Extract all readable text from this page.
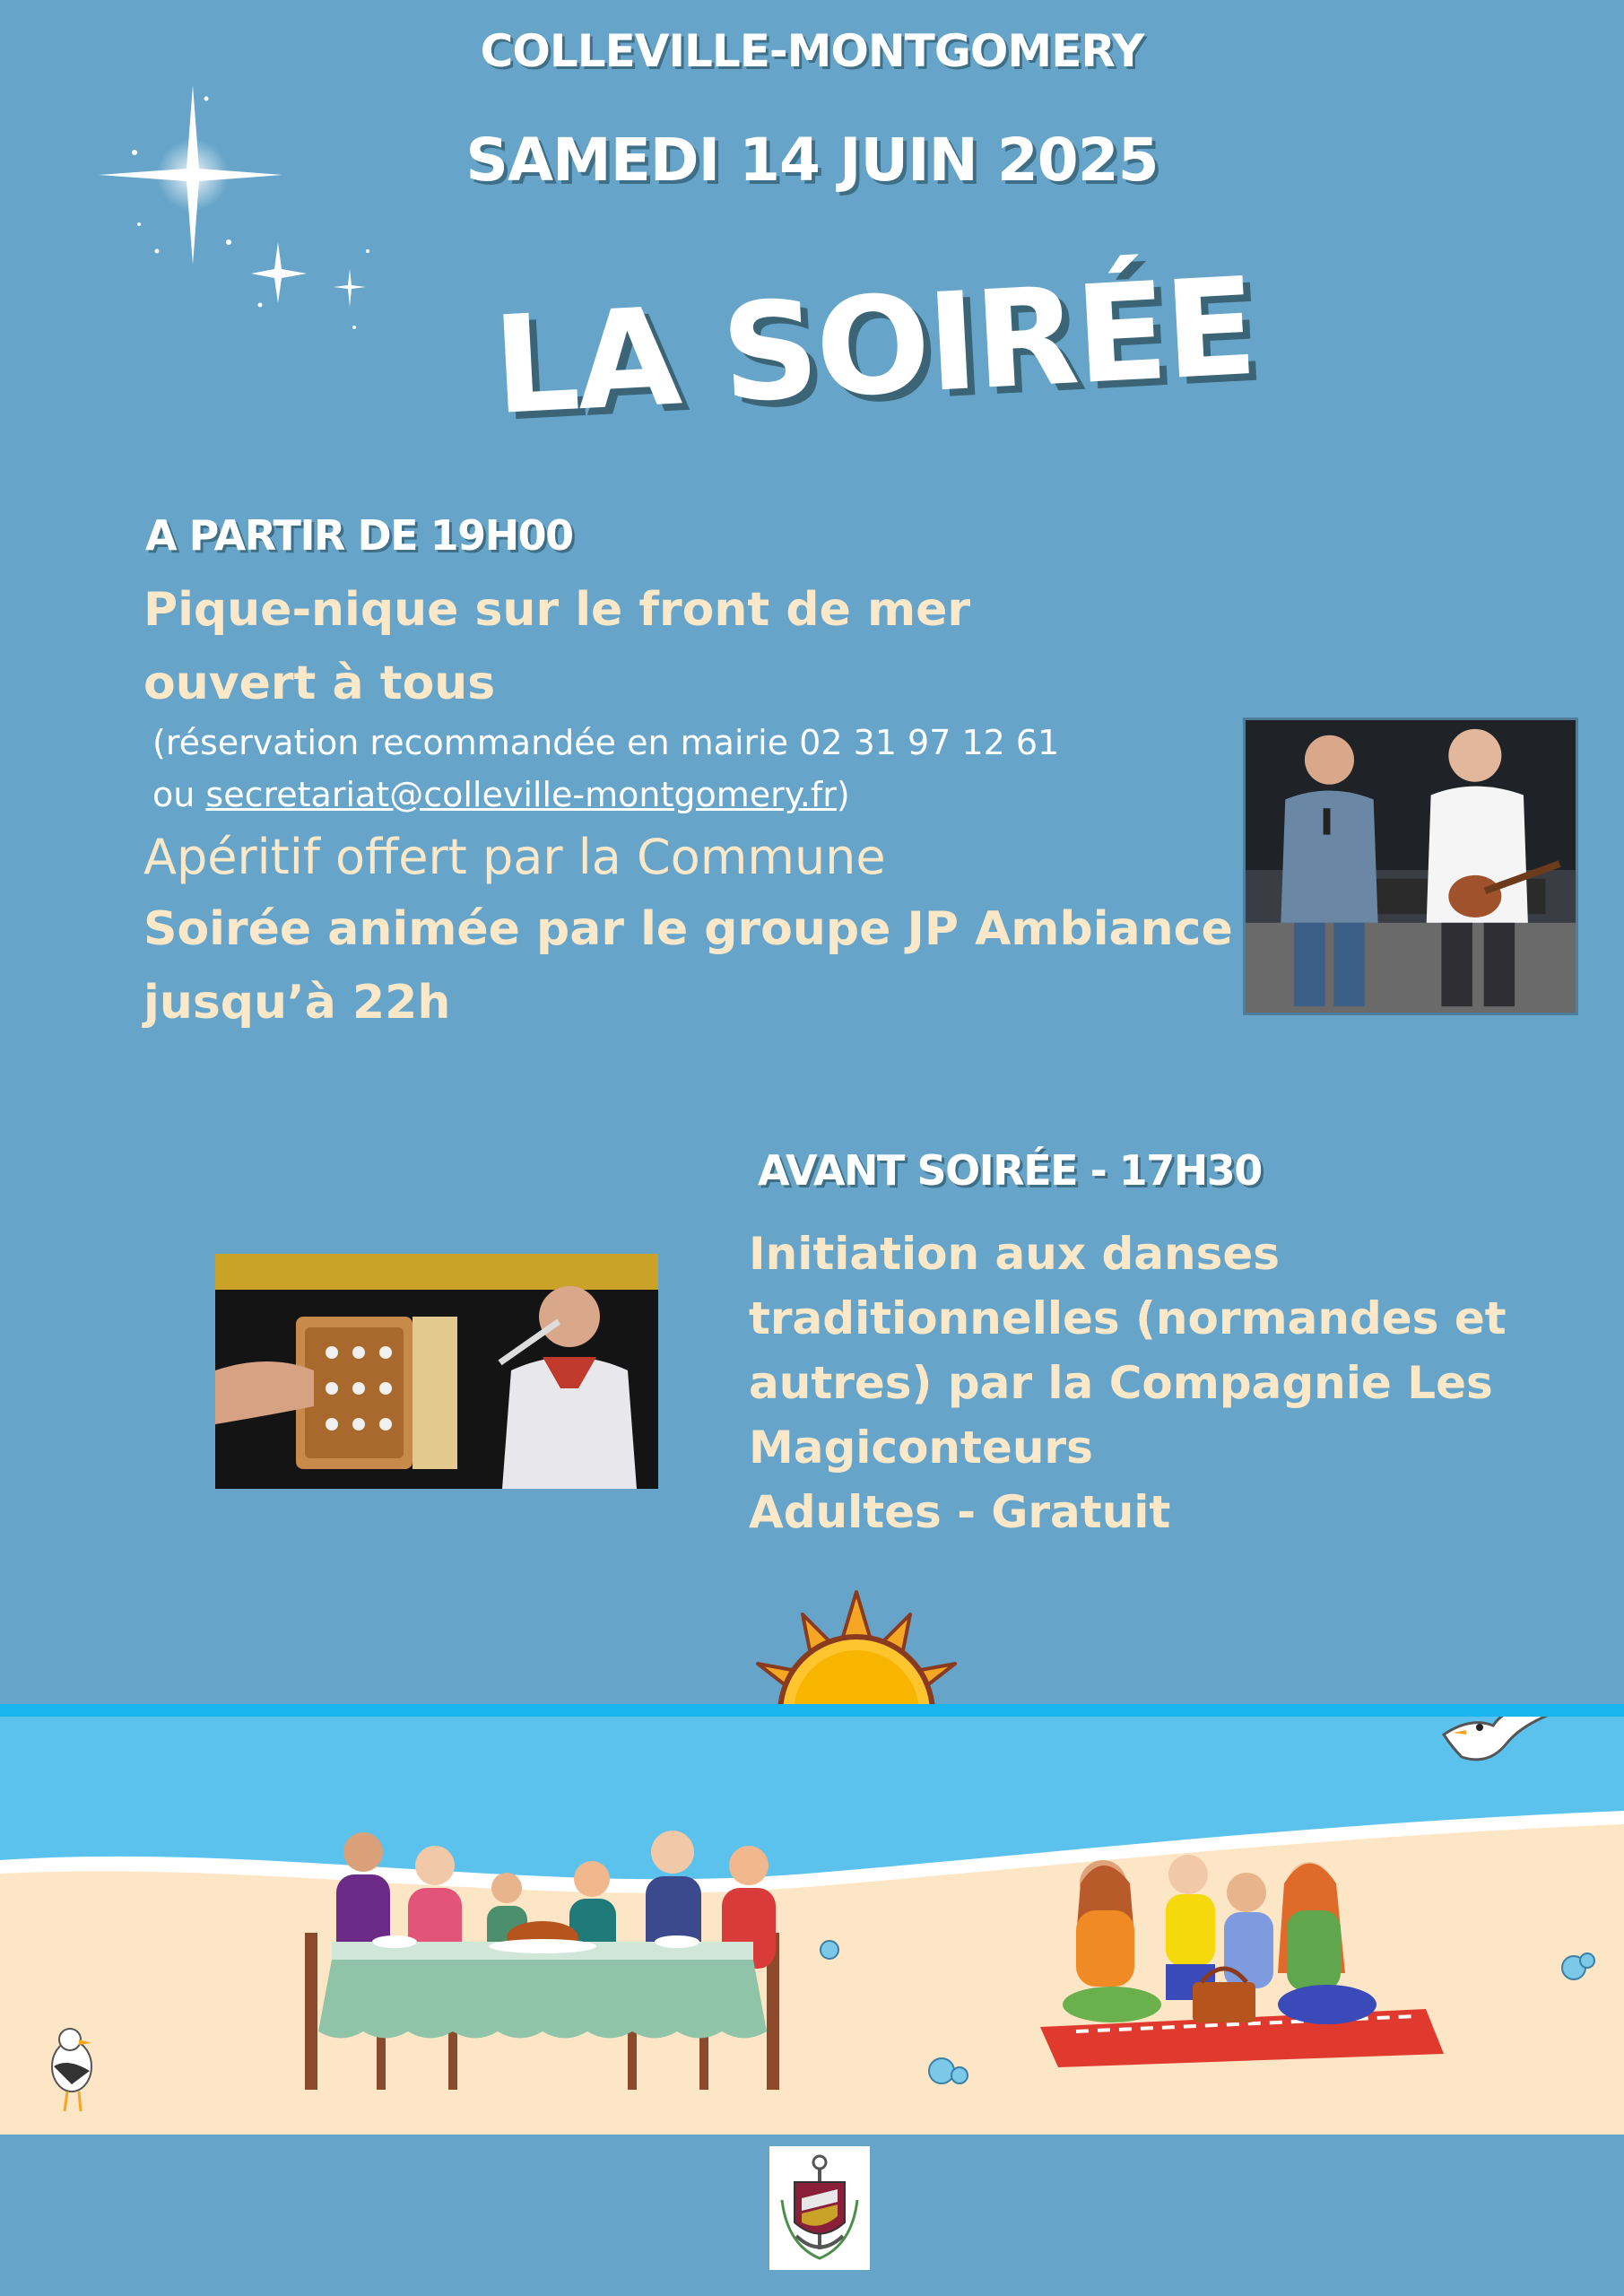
COLLEVILLE-MONTGOMERY
SAMEDI 14 JUIN 2025
LA SOIRÉE
A PARTIR DE 19H00
Pique-nique sur le front de mer
ouvert à tous
(réservation recommandée en mairie 02 31 97 12 61
ou secretariat@colleville-montgomery.fr)
Apéritif offert par la Commune
Soirée animée par le groupe JP Ambiance
jusqu’à 22h
AVANT SOIRÉE - 17H30
Initiation aux danses
traditionnelles (normandes et
autres) par la Compagnie Les
Magiconteurs
Adultes - Gratuit
